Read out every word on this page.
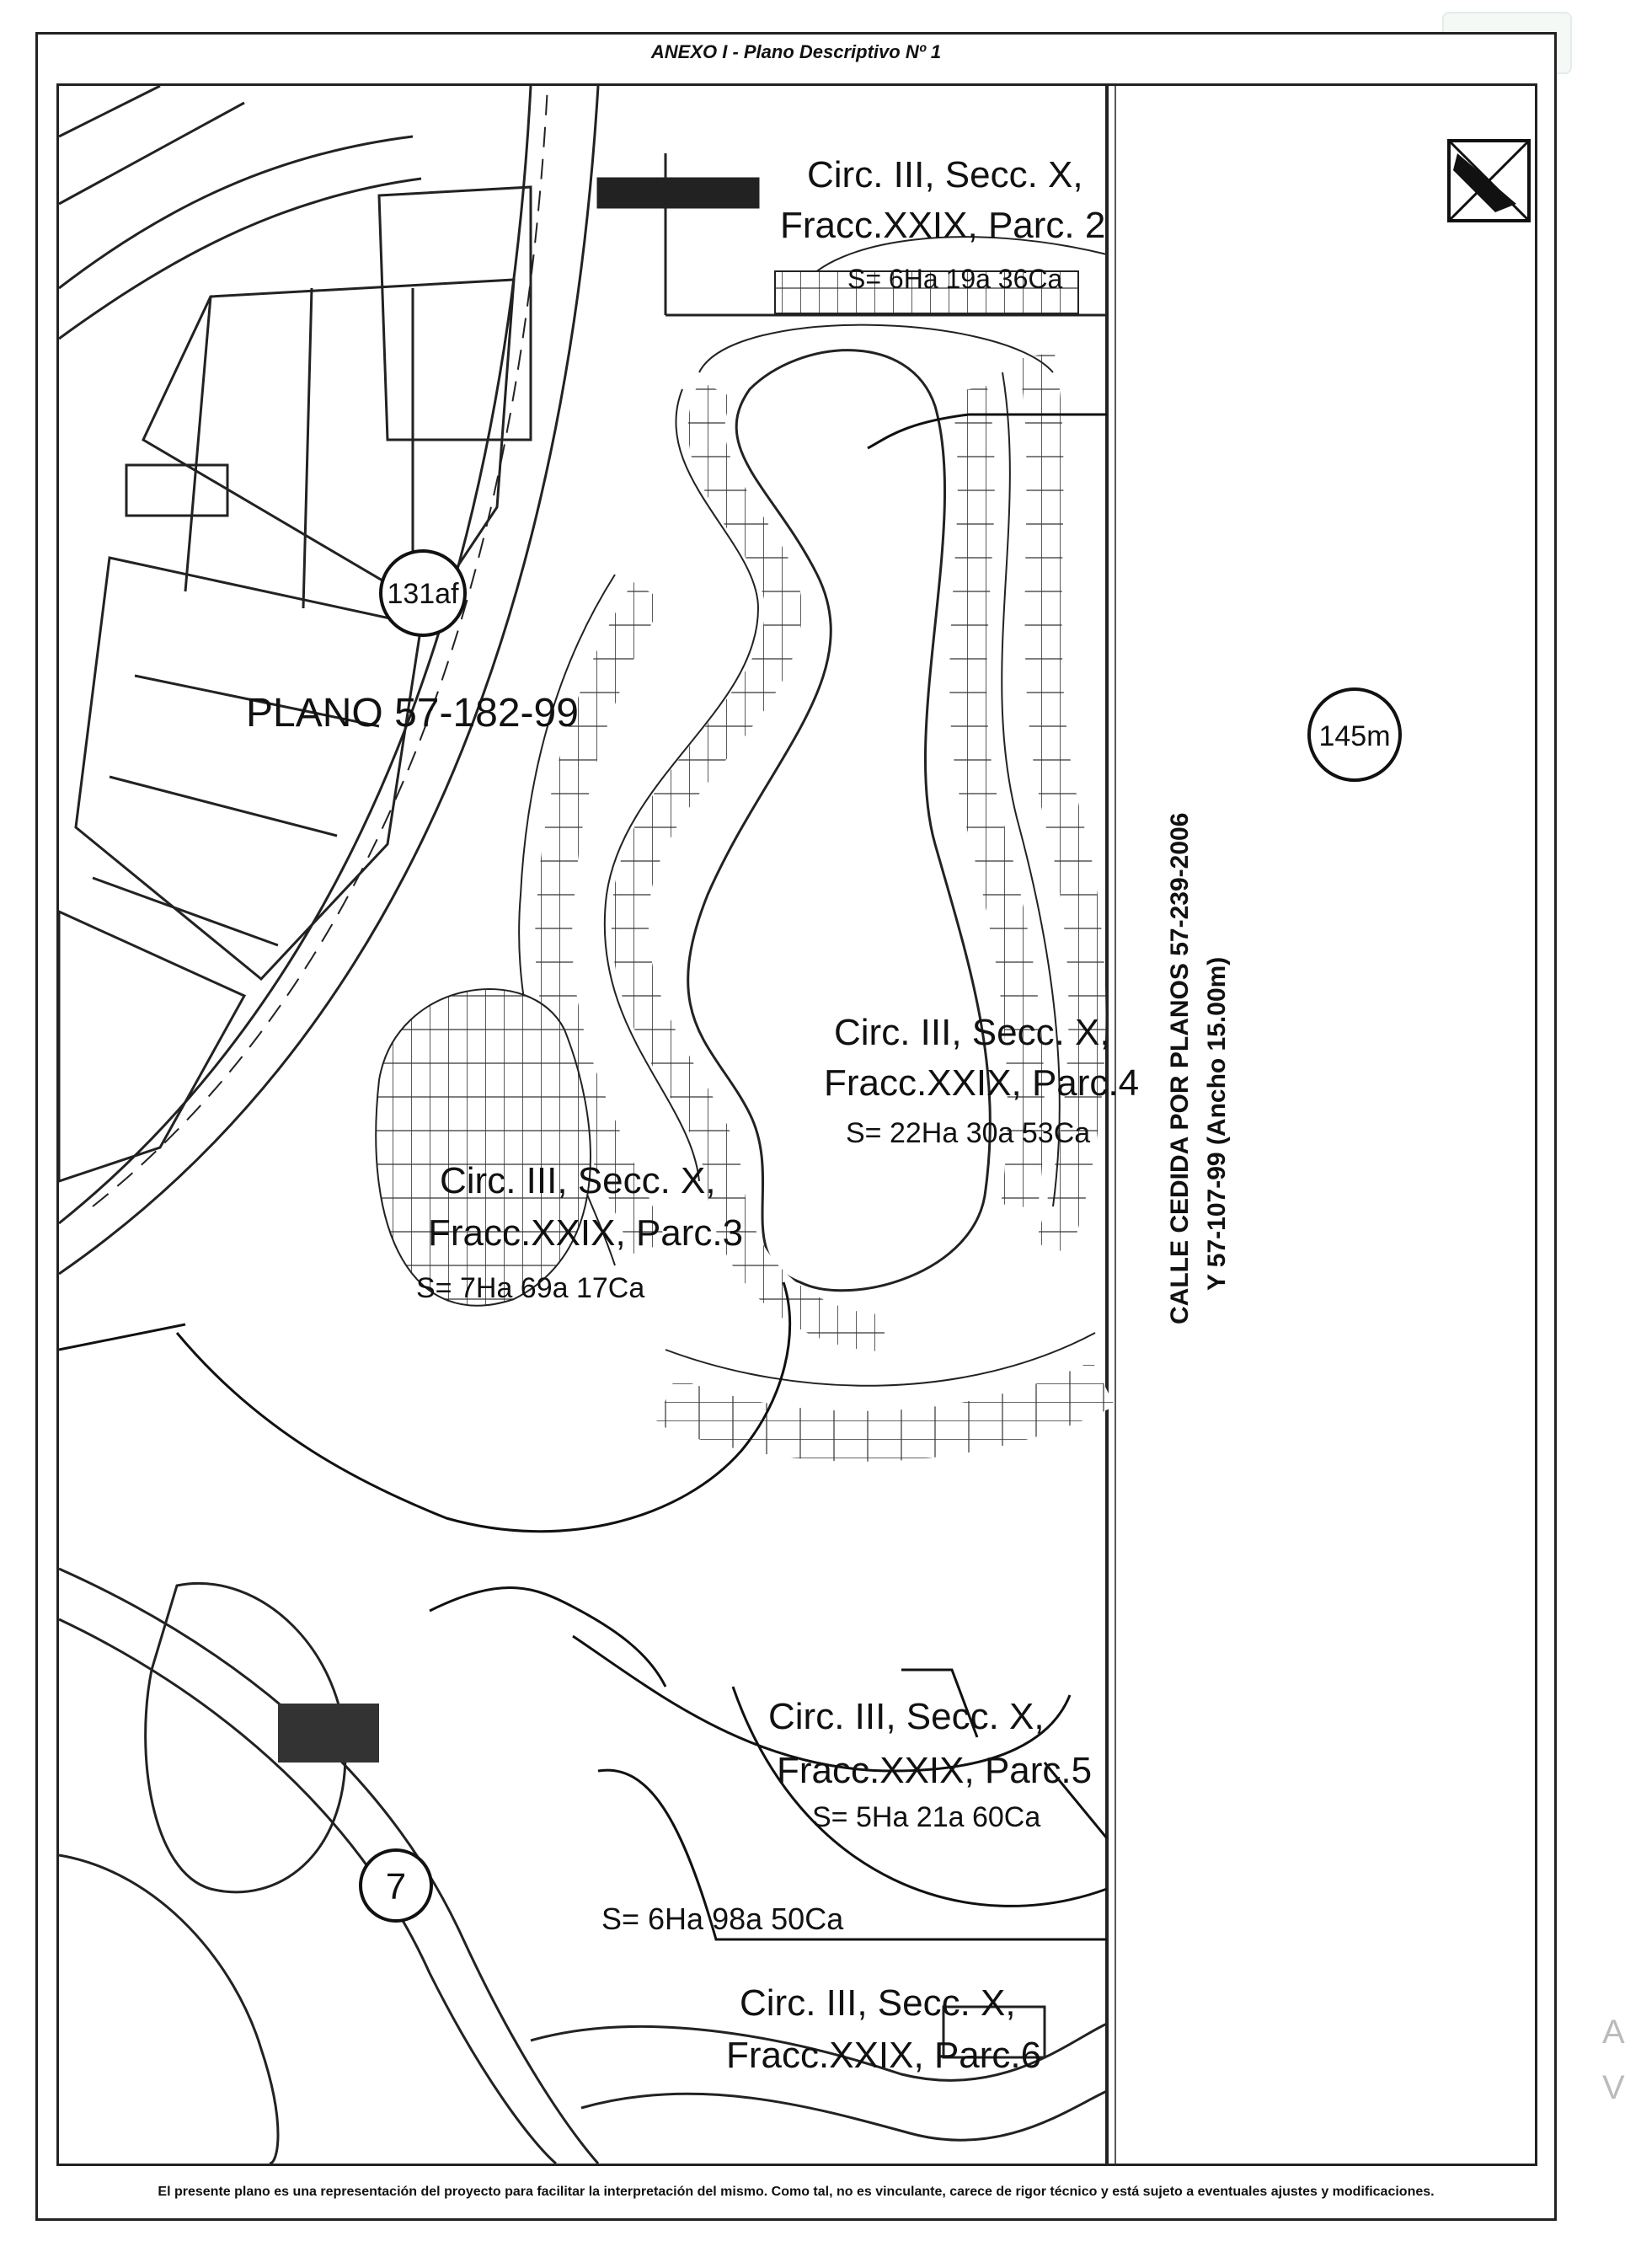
A
V
ANEXO I - Plano Descriptivo Nº 1
131af
145m
7
PLANO 57-182-99
Circ. III, Secc. X,
Fracc.XXIX, Parc. 2
S= 6Ha 19a 36Ca
Circ. III, Secc. X,
Fracc.XXIX, Parc.4
S= 22Ha 30a 53Ca
Circ. III, Secc. X,
Fracc.XXIX, Parc.3
S= 7Ha 69a 17Ca
Circ. III, Secc. X,
Fracc.XXIX, Parc.5
S= 5Ha 21a 60Ca
S= 6Ha 98a 50Ca
Circ. III, Secc. X,
Fracc.XXIX, Parc.6
CALLE CEDIDA POR PLANOS 57-239-2006 Y 57-107-99 (Ancho 15.00m)
El presente plano es una representación del proyecto para facilitar la interpretación del mismo. Como tal, no es vinculante, carece de rigor técnico y está sujeto a eventuales ajustes y modificaciones.
